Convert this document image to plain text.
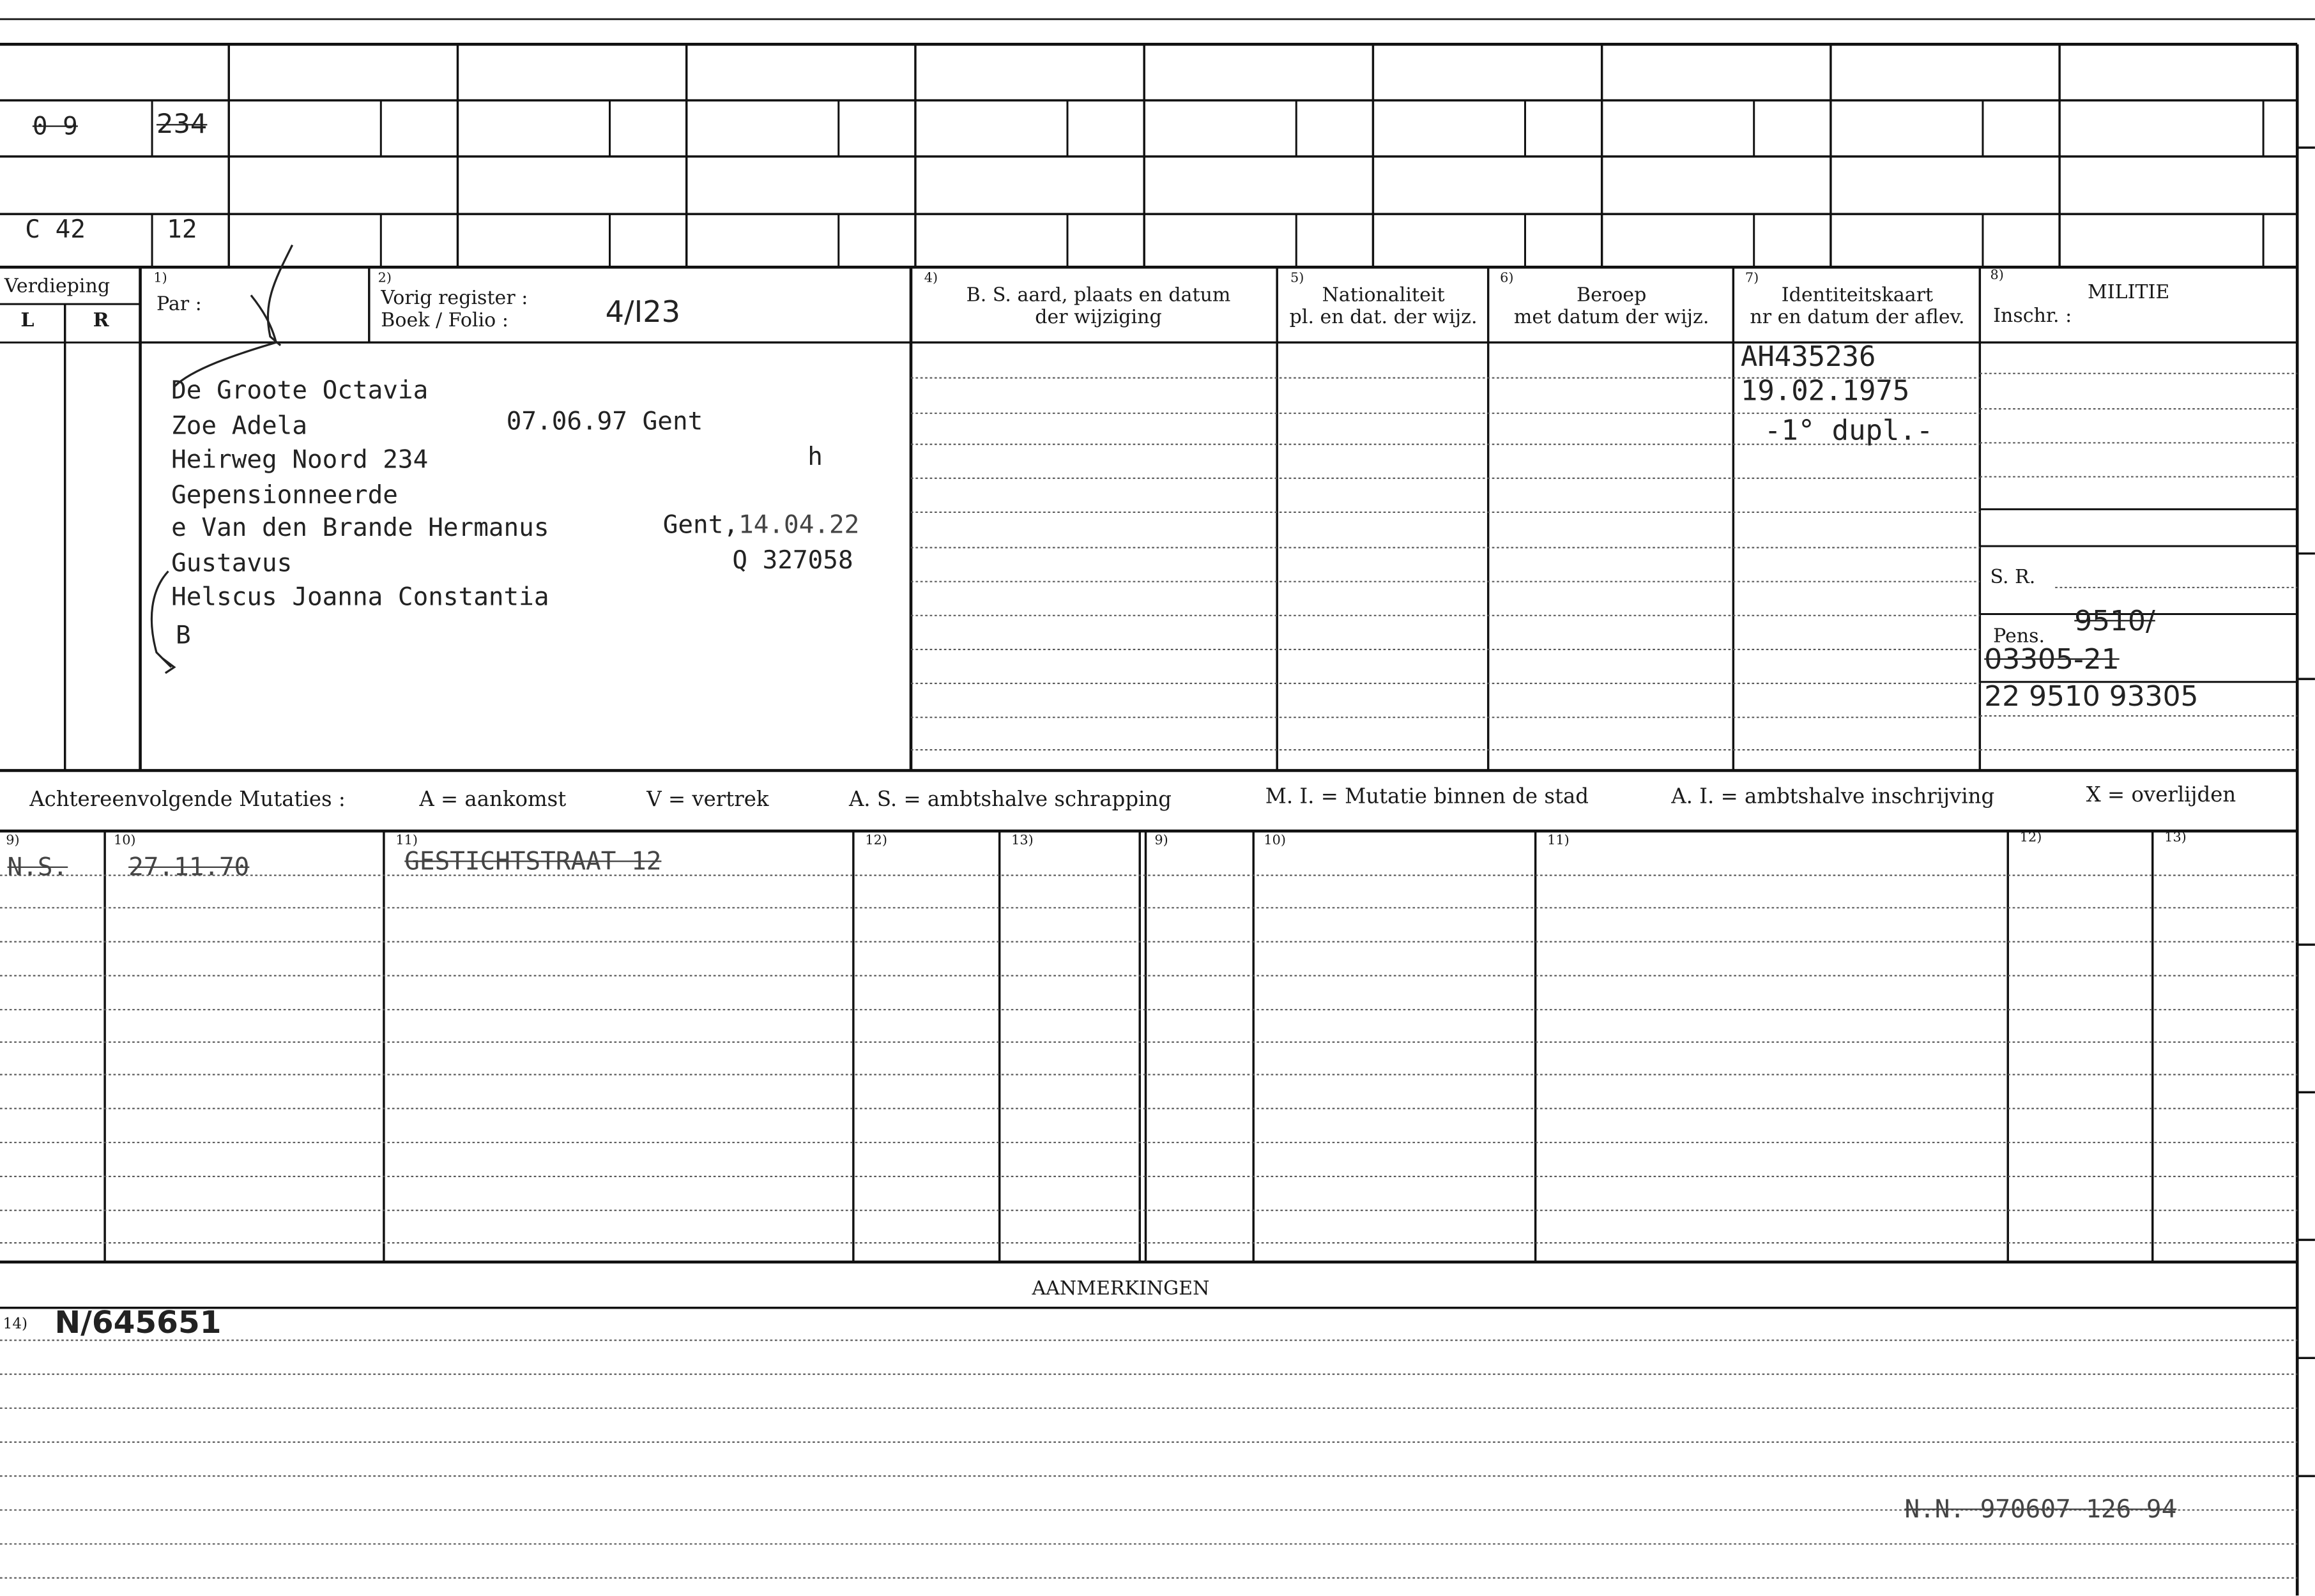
0 9	234
C 42	12
Verdieping
L	R
1)
Par :
2)
Vorig register :
Boek / Folio :	4/I23
4)
B. S. aard, plaats en datum
der wijziging
5)
Nationaliteit
pl. en dat. der wijz.
6)
Beroep
met datum der wijz.
7)
Identiteitskaart
nr en datum der aflev.
8)
MILITIE
Inschr. :
De Groote Octavia
Zoe Adela	07.06.97 Gent
Heirweg Noord 234	h
Gepensionneerde
e Van den Brande Hermanus	Gent,14.04.22
Gustavus	Q 327058
Helscus Joanna Constantia
B
AH435236
19.02.1975
-1° dupl.-
S. R.
Pens. 9510/
03305-21
22 9510 93305
Achtereenvolgende Mutaties :	A = aankomst	V = vertrek	A. S. = ambtshalve schrapping	M. I. = Mutatie binnen de stad	A. I. = ambtshalve inschrijving	X = overlijden
9)	10)	11)	12)	13)	9)	10)	11)	12)	13)
N.S.	27.11.70	GESTICHTSTRAAT 12
AANMERKINGEN
14) N/645651
N.N. 970607 126 94
